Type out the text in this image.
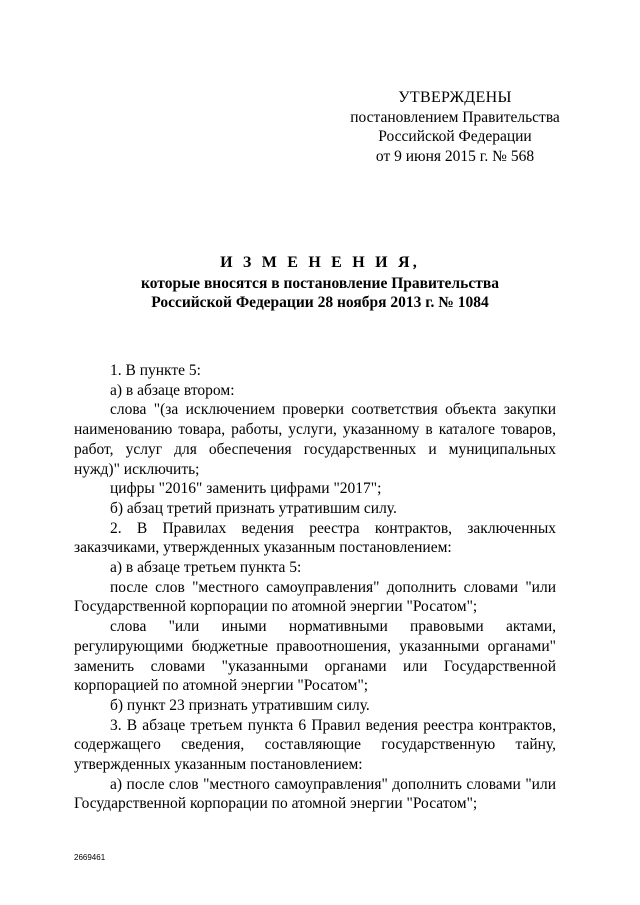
УТВЕРЖДЕНЫ
постановлением Правительства
Российской Федерации
от 9 июня 2015 г. № 568
И З М Е Н Е Н И Я,
которые вносятся в постановление Правительства
Российской Федерации 28 ноября 2013 г. № 1084

1. В пункте 5:

а) в абзаце втором:

слова "(за исключением проверки соответствия объекта закупки наименованию товара, работы, услуги, указанному в каталоге товаров, работ, услуг для обеспечения государственных и муниципальных нужд)" исключить;

цифры "2016" заменить цифрами "2017";

б) абзац третий признать утратившим силу.

2. В Правилах ведения реестра контрактов, заключенных заказчиками, утвержденных указанным постановлением:

а) в абзаце третьем пункта 5:

после слов "местного самоуправления" дополнить словами "или Государственной корпорации по атомной энергии "Росатом";

слова "или иными нормативными правовыми актами, регулирующими бюджетные правоотношения, указанными органами" заменить словами "указанными органами или Государственной корпорацией по атомной энергии "Росатом";

б) пункт 23 признать утратившим силу.

3. В абзаце третьем пункта 6 Правил ведения реестра контрактов, содержащего сведения, составляющие государственную тайну, утвержденных указанным постановлением:

а) после слов "местного самоуправления" дополнить словами "или Государственной корпорации по атомной энергии "Росатом";

2669461
